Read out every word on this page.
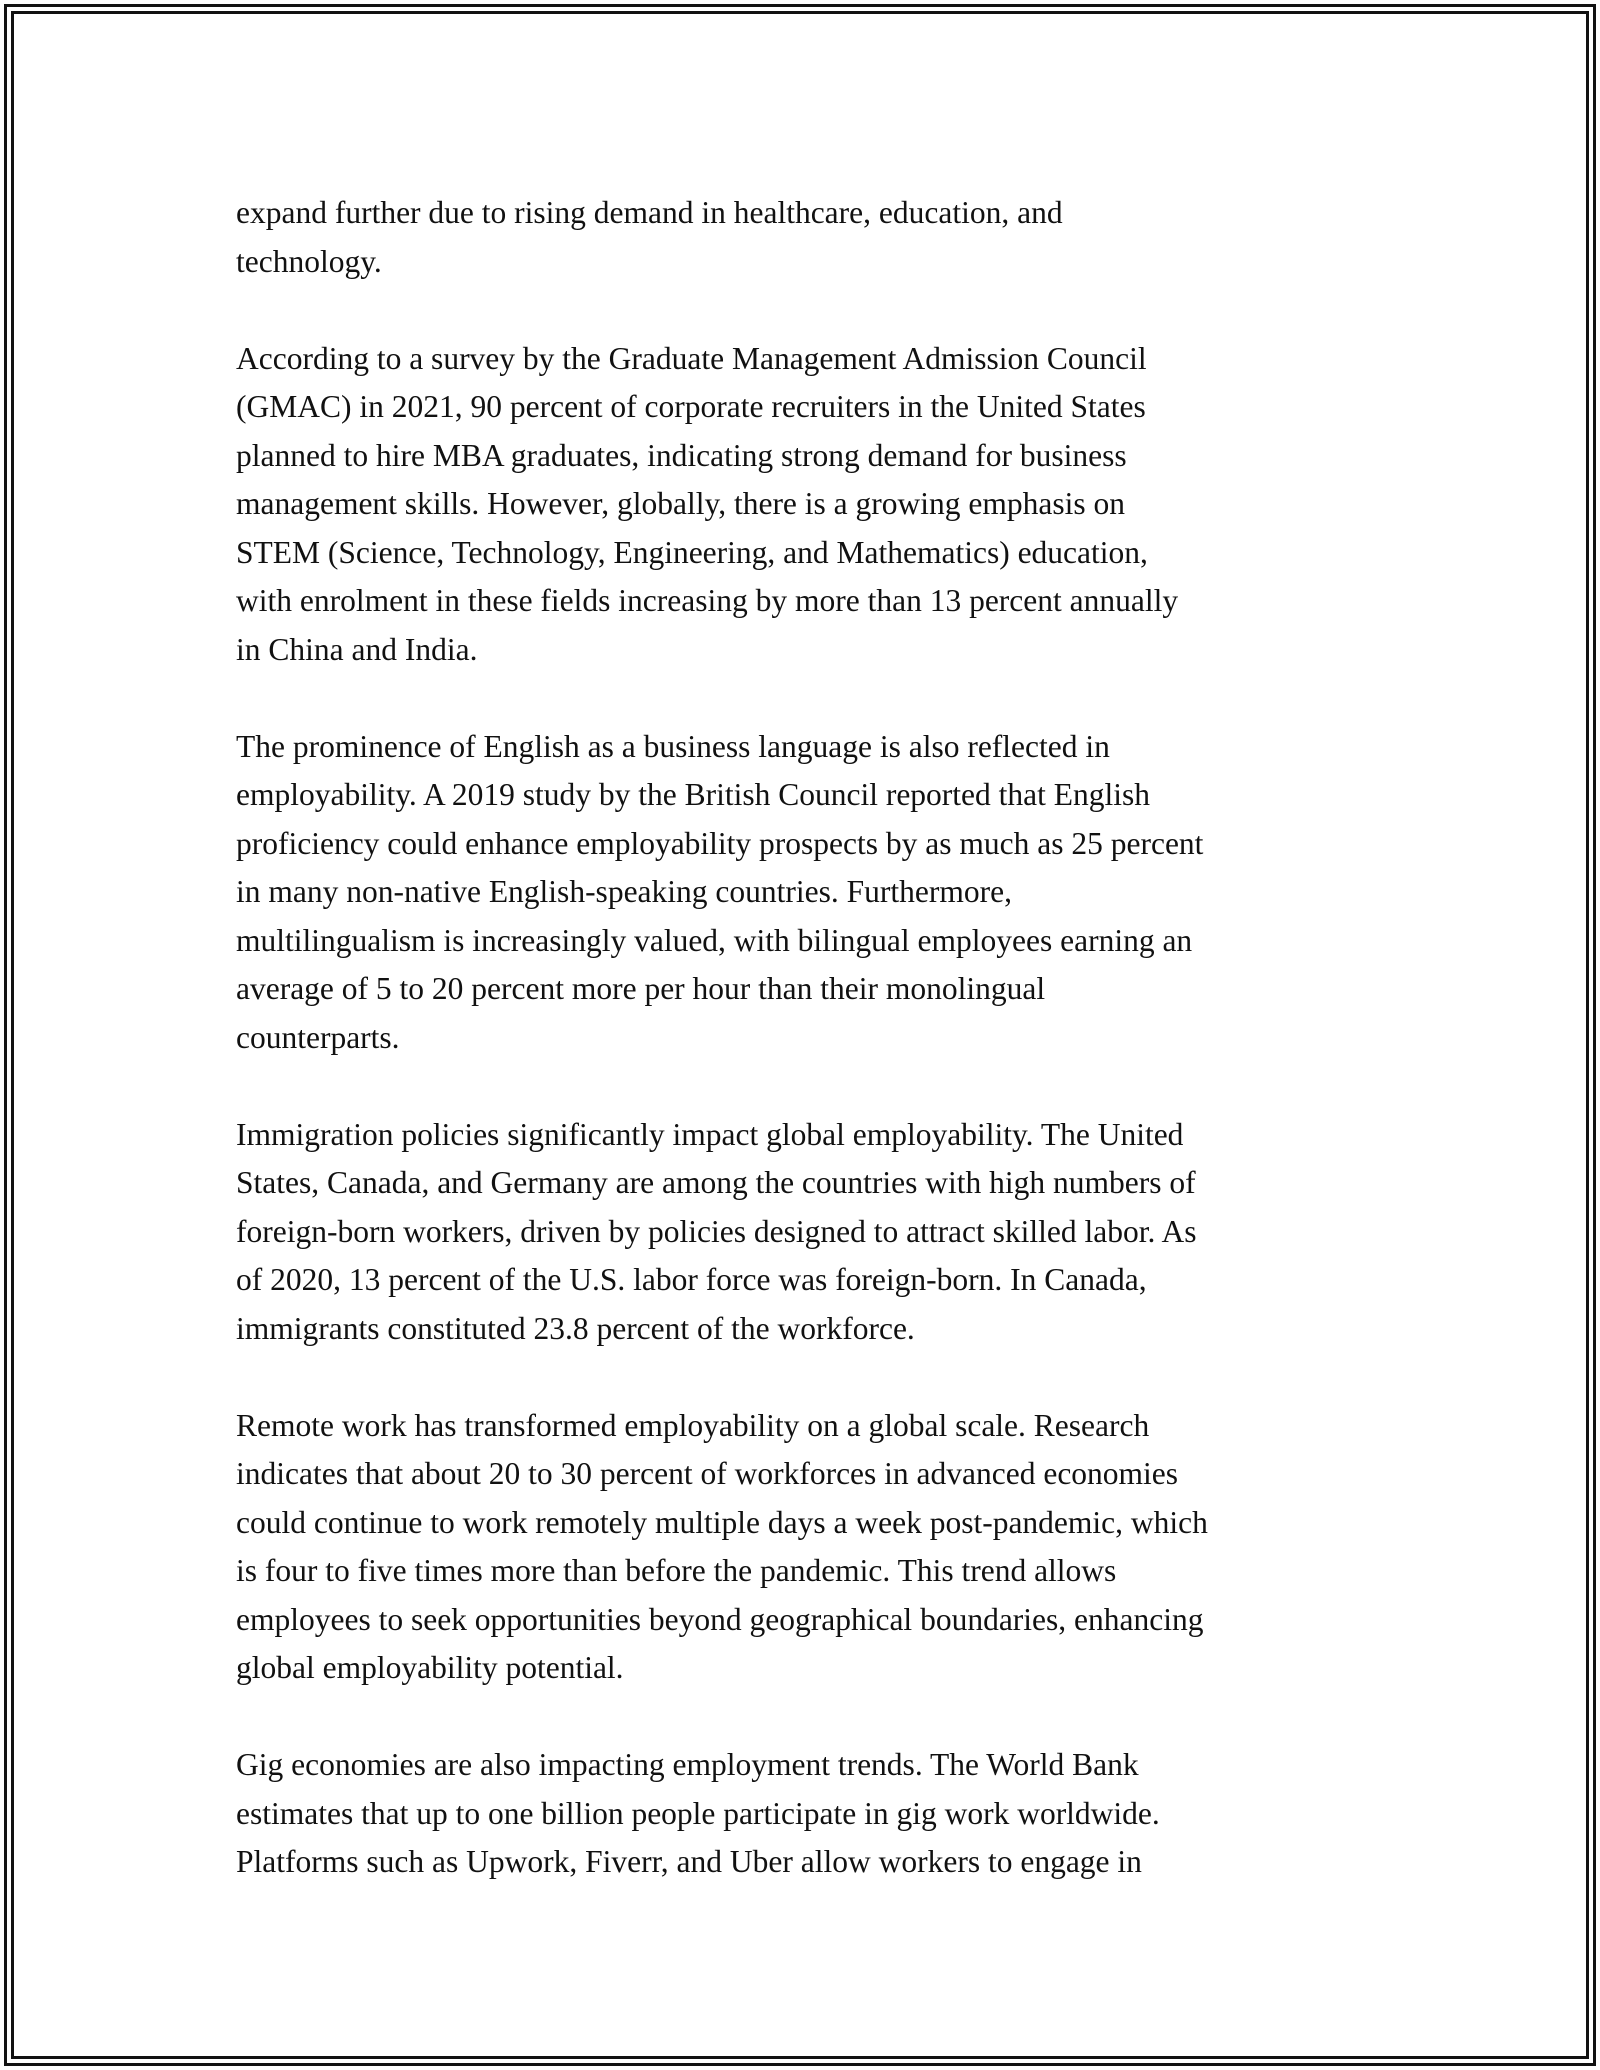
expand further due to rising demand in healthcare, education, and
technology.
According to a survey by the Graduate Management Admission Council
(GMAC) in 2021, 90 percent of corporate recruiters in the United States
planned to hire MBA graduates, indicating strong demand for business
management skills. However, globally, there is a growing emphasis on
STEM (Science, Technology, Engineering, and Mathematics) education,
with enrolment in these fields increasing by more than 13 percent annually
in China and India.
The prominence of English as a business language is also reflected in
employability. A 2019 study by the British Council reported that English
proficiency could enhance employability prospects by as much as 25 percent
in many non-native English-speaking countries. Furthermore,
multilingualism is increasingly valued, with bilingual employees earning an
average of 5 to 20 percent more per hour than their monolingual
counterparts.
Immigration policies significantly impact global employability. The United
States, Canada, and Germany are among the countries with high numbers of
foreign-born workers, driven by policies designed to attract skilled labor. As
of 2020, 13 percent of the U.S. labor force was foreign-born. In Canada,
immigrants constituted 23.8 percent of the workforce.
Remote work has transformed employability on a global scale. Research
indicates that about 20 to 30 percent of workforces in advanced economies
could continue to work remotely multiple days a week post-pandemic, which
is four to five times more than before the pandemic. This trend allows
employees to seek opportunities beyond geographical boundaries, enhancing
global employability potential.
Gig economies are also impacting employment trends. The World Bank
estimates that up to one billion people participate in gig work worldwide.
Platforms such as Upwork, Fiverr, and Uber allow workers to engage in
